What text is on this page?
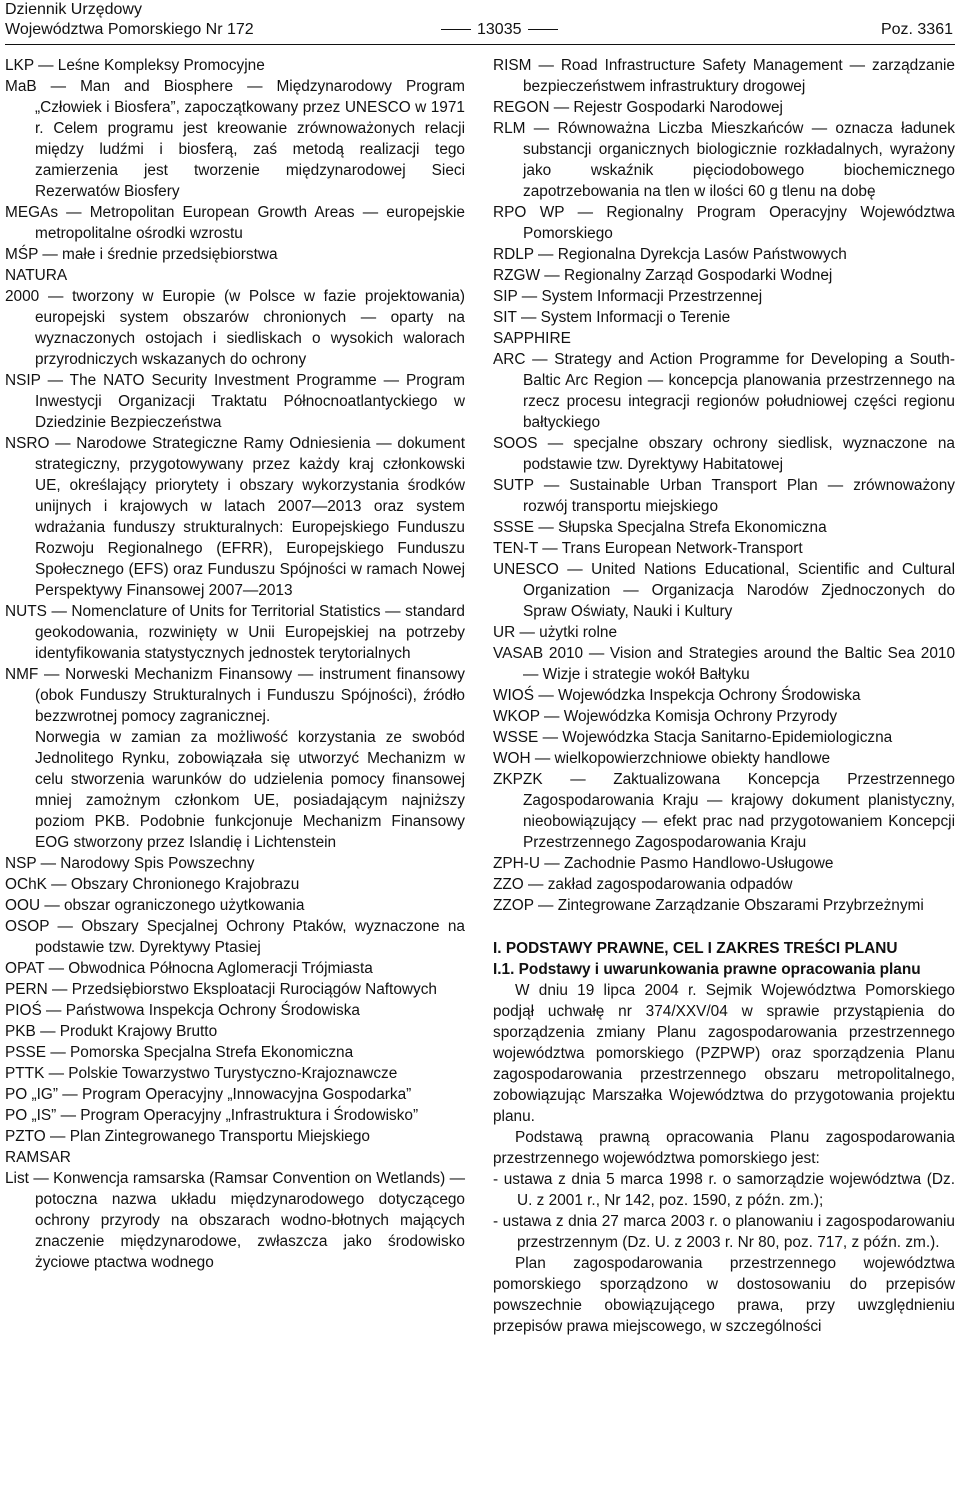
Dziennik Urzędowy
Województwa Pomorskiego Nr 172	13035	Poz. 3361
LKP — Leśne Kompleksy Promocyjne
MaB — Man and Biosphere — Międzynarodowy Program „Człowiek i Biosfera”, zapoczątkowany przez UNESCO w 1971 r. Celem programu jest kreowanie zrównoważonych relacji między ludźmi i biosferą, zaś metodą realizacji tego zamierzenia jest tworzenie międzynarodowej Sieci Rezerwatów Biosfery
MEGAs — Metropolitan European Growth Areas — europejskie metropolitalne ośrodki wzrostu
MŚP — małe i średnie przedsiębiorstwa
NATURA
2000 — tworzony w Europie (w Polsce w fazie projektowania) europejski system obszarów chronionych — oparty na wyznaczonych ostojach i siedliskach o wysokich walorach przyrodniczych wskazanych do ochrony
NSIP — The NATO Security Investment Programme — Program Inwestycji Organizacji Traktatu Północnoatlantyckiego w Dziedzinie Bezpieczeństwa
NSRO — Narodowe Strategiczne Ramy Odniesienia — dokument strategiczny, przygotowywany przez każdy kraj członkowski UE, określający priorytety i obszary wykorzystania środków unijnych i krajowych w latach 2007—2013 oraz system wdrażania funduszy strukturalnych: Europejskiego Funduszu Rozwoju Regionalnego (EFRR), Europejskiego Funduszu Społecznego (EFS) oraz Funduszu Spójności w ramach Nowej Perspektywy Finansowej 2007—2013
NUTS — Nomenclature of Units for Territorial Statistics — standard geokodowania, rozwinięty w Unii Europejskiej na potrzeby identyfikowania statystycznych jednostek terytorialnych
NMF — Norweski Mechanizm Finansowy — instrument finansowy (obok Funduszy Strukturalnych i Funduszu Spójności), źródło bezzwrotnej pomocy zagranicznej.
Norwegia w zamian za możliwość korzystania ze swobód Jednolitego Rynku, zobowiązała się utworzyć Mechanizm w celu stworzenia warunków do udzielenia pomocy finansowej mniej zamożnym członkom UE, posiadającym najniższy poziom PKB. Podobnie funkcjonuje Mechanizm Finansowy EOG stworzony przez Islandię i Lichtenstein
NSP — Narodowy Spis Powszechny
OChK — Obszary Chronionego Krajobrazu
OOU — obszar ograniczonego użytkowania
OSOP — Obszary Specjalnej Ochrony Ptaków, wyznaczone na podstawie tzw. Dyrektywy Ptasiej
OPAT — Obwodnica Północna Aglomeracji Trójmiasta
PERN — Przedsiębiorstwo Eksploatacji Rurociągów Naftowych
PIOŚ — Państwowa Inspekcja Ochrony Środowiska
PKB — Produkt Krajowy Brutto
PSSE — Pomorska Specjalna Strefa Ekonomiczna
PTTK — Polskie Towarzystwo Turystyczno-Krajoznawcze
PO „IG” — Program Operacyjny „Innowacyjna Gospodarka”
PO „IS” — Program Operacyjny „Infrastruktura i Środowisko”
PZTO — Plan Zintegrowanego Transportu Miejskiego
RAMSAR
List — Konwencja ramsarska (Ramsar Convention on Wetlands) — potoczna nazwa układu międzynarodowego dotyczącego ochrony przyrody na obszarach wodno-błotnych mających znaczenie międzynarodowe, zwłaszcza jako środowisko życiowe ptactwa wodnego
RISM — Road Infrastructure Safety Management — zarządzanie bezpieczeństwem infrastruktury drogowej
REGON — Rejestr Gospodarki Narodowej
RLM — Równoważna Liczba Mieszkańców — oznacza ładunek substancji organicznych biologicznie rozkładalnych, wyrażony jako wskaźnik pięciodobowego biochemicznego zapotrzebowania na tlen w ilości 60 g tlenu na dobę
RPO WP — Regionalny Program Operacyjny Województwa Pomorskiego
RDLP — Regionalna Dyrekcja Lasów Państwowych
RZGW — Regionalny Zarząd Gospodarki Wodnej
SIP — System Informacji Przestrzennej
SIT — System Informacji o Terenie
SAPPHIRE
ARC — Strategy and Action Programme for Developing a South-Baltic Arc Region — koncepcja planowania przestrzennego na rzecz procesu integracji regionów południowej części regionu bałtyckiego
SOOS — specjalne obszary ochrony siedlisk, wyznaczone na podstawie tzw. Dyrektywy Habitatowej
SUTP — Sustainable Urban Transport Plan — zrównoważony rozwój transportu miejskiego
SSSE — Słupska Specjalna Strefa Ekonomiczna
TEN-T — Trans European Network-Transport
UNESCO — United Nations Educational, Scientific and Cultural Organization — Organizacja Narodów Zjednoczonych do Spraw Oświaty, Nauki i Kultury
UR — użytki rolne
VASAB 2010 — Vision and Strategies around the Baltic Sea 2010 — Wizje i strategie wokół Bałtyku
WIOŚ — Wojewódzka Inspekcja Ochrony Środowiska
WKOP — Wojewódzka Komisja Ochrony Przyrody
WSSE — Wojewódzka Stacja Sanitarno-Epidemiologiczna
WOH — wielkopowierzchniowe obiekty handlowe
ZKPZK — Zaktualizowana Koncepcja Przestrzennego Zagospodarowania Kraju — krajowy dokument planistyczny, nieobowiązujący — efekt prac nad przygotowaniem Koncepcji Przestrzennego Zagospodarowania Kraju
ZPH-U — Zachodnie Pasmo Handlowo-Usługowe
ZZO — zakład zagospodarowania odpadów
ZZOP — Zintegrowane Zarządzanie Obszarami Przybrzeżnymi
I. PODSTAWY PRAWNE, CEL I ZAKRES TREŚCI PLANU
I.1. Podstawy i uwarunkowania prawne opracowania planu
W dniu 19 lipca 2004 r. Sejmik Województwa Pomorskiego podjął uchwałę nr 374/XXV/04 w sprawie przystąpienia do sporządzenia zmiany Planu zagospodarowania przestrzennego województwa pomorskiego (PZPWP) oraz sporządzenia Planu zagospodarowania przestrzennego obszaru metropolitalnego, zobowiązując Marszałka Województwa do przygotowania projektu planu.
Podstawą prawną opracowania Planu zagospodarowania przestrzennego województwa pomorskiego jest:
- ustawa z dnia 5 marca 1998 r. o samorządzie województwa (Dz. U. z 2001 r., Nr 142, poz. 1590, z późn. zm.);
- ustawa z dnia 27 marca 2003 r. o planowaniu i zagospodarowaniu przestrzennym (Dz. U. z 2003 r. Nr 80, poz. 717, z późn. zm.).
Plan zagospodarowania przestrzennego województwa pomorskiego sporządzono w dostosowaniu do przepisów powszechnie obowiązującego prawa, przy uwzględnieniu przepisów prawa miejscowego, w szczególności
